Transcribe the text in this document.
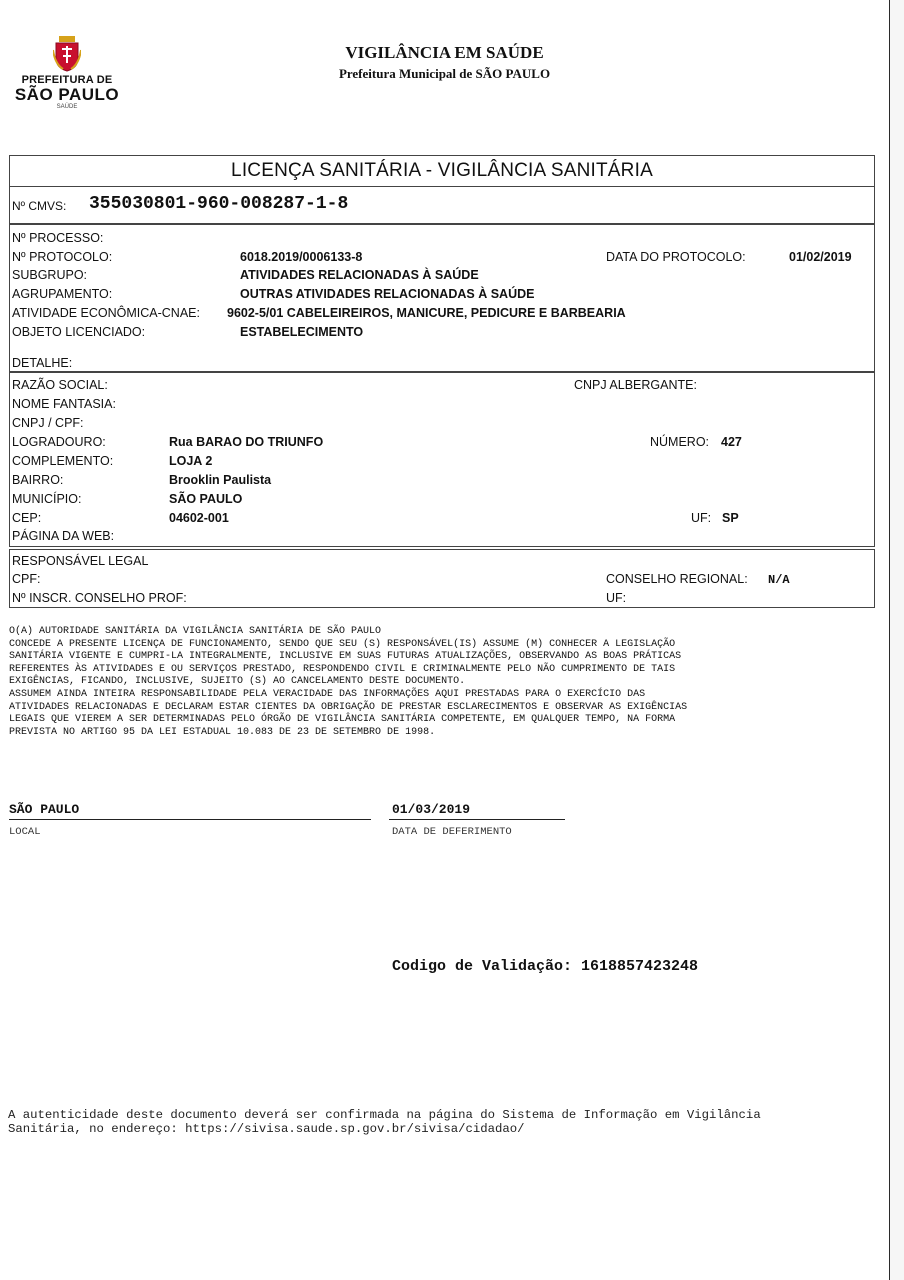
PREFEITURA DE
SÃO PAULO
SAÚDE
VIGILÂNCIA EM SAÚDE
Prefeitura Municipal de SÃO PAULO
LICENÇA SANITÁRIA - VIGILÂNCIA SANITÁRIA
Nº CMVS: 355030801-960-008287-1-8
Nº PROCESSO:
Nº PROTOCOLO:	6018.2019/0006133-8	DATA DO PROTOCOLO:	01/02/2019
SUBGRUPO:	ATIVIDADES RELACIONADAS À SAÚDE
AGRUPAMENTO:	OUTRAS ATIVIDADES RELACIONADAS À SAÚDE
ATIVIDADE ECONÔMICA-CNAE: 9602-5/01 CABELEIREIROS, MANICURE, PEDICURE E BARBEARIA
OBJETO LICENCIADO:	ESTABELECIMENTO
DETALHE:
RAZÃO SOCIAL:	CNPJ ALBERGANTE:
NOME FANTASIA:
CNPJ / CPF:
LOGRADOURO:	Rua BARAO DO TRIUNFO	NÚMERO: 427
COMPLEMENTO:	LOJA 2
BAIRRO:	Brooklin Paulista
MUNICÍPIO:	SÃO PAULO
CEP:	04602-001	UF: SP
PÁGINA DA WEB:
RESPONSÁVEL LEGAL
CPF:	CONSELHO REGIONAL: N/A
Nº INSCR. CONSELHO PROF:	UF:
O(A) AUTORIDADE SANITÁRIA DA VIGILÂNCIA SANITÁRIA DE SÃO PAULO
CONCEDE A PRESENTE LICENÇA DE FUNCIONAMENTO, SENDO QUE SEU (S) RESPONSÁVEL(IS) ASSUME (M) CONHECER A LEGISLAÇÃO
SANITÁRIA VIGENTE E CUMPRI-LA INTEGRALMENTE, INCLUSIVE EM SUAS FUTURAS ATUALIZAÇÕES, OBSERVANDO AS BOAS PRÁTICAS
REFERENTES ÀS ATIVIDADES E OU SERVIÇOS PRESTADO, RESPONDENDO CIVIL E CRIMINALMENTE PELO NÃO CUMPRIMENTO DE TAIS
EXIGÊNCIAS, FICANDO, INCLUSIVE, SUJEITO (S) AO CANCELAMENTO DESTE DOCUMENTO.
ASSUMEM AINDA INTEIRA RESPONSABILIDADE PELA VERACIDADE DAS INFORMAÇÕES AQUI PRESTADAS PARA O EXERCÍCIO DAS
ATIVIDADES RELACIONADAS E DECLARAM ESTAR CIENTES DA OBRIGAÇÃO DE PRESTAR ESCLARECIMENTOS E OBSERVAR AS EXIGÊNCIAS
LEGAIS QUE VIEREM A SER DETERMINADAS PELO ÓRGÃO DE VIGILÂNCIA SANITÁRIA COMPETENTE, EM QUALQUER TEMPO, NA FORMA
PREVISTA NO ARTIGO 95 DA LEI ESTADUAL 10.083 DE 23 DE SETEMBRO DE 1998.
SÃO PAULO
LOCAL
01/03/2019
DATA DE DEFERIMENTO
Codigo de Validação: 1618857423248
A autenticidade deste documento deverá ser confirmada na página do Sistema de Informação em Vigilância
Sanitária, no endereço: https://sivisa.saude.sp.gov.br/sivisa/cidadao/
